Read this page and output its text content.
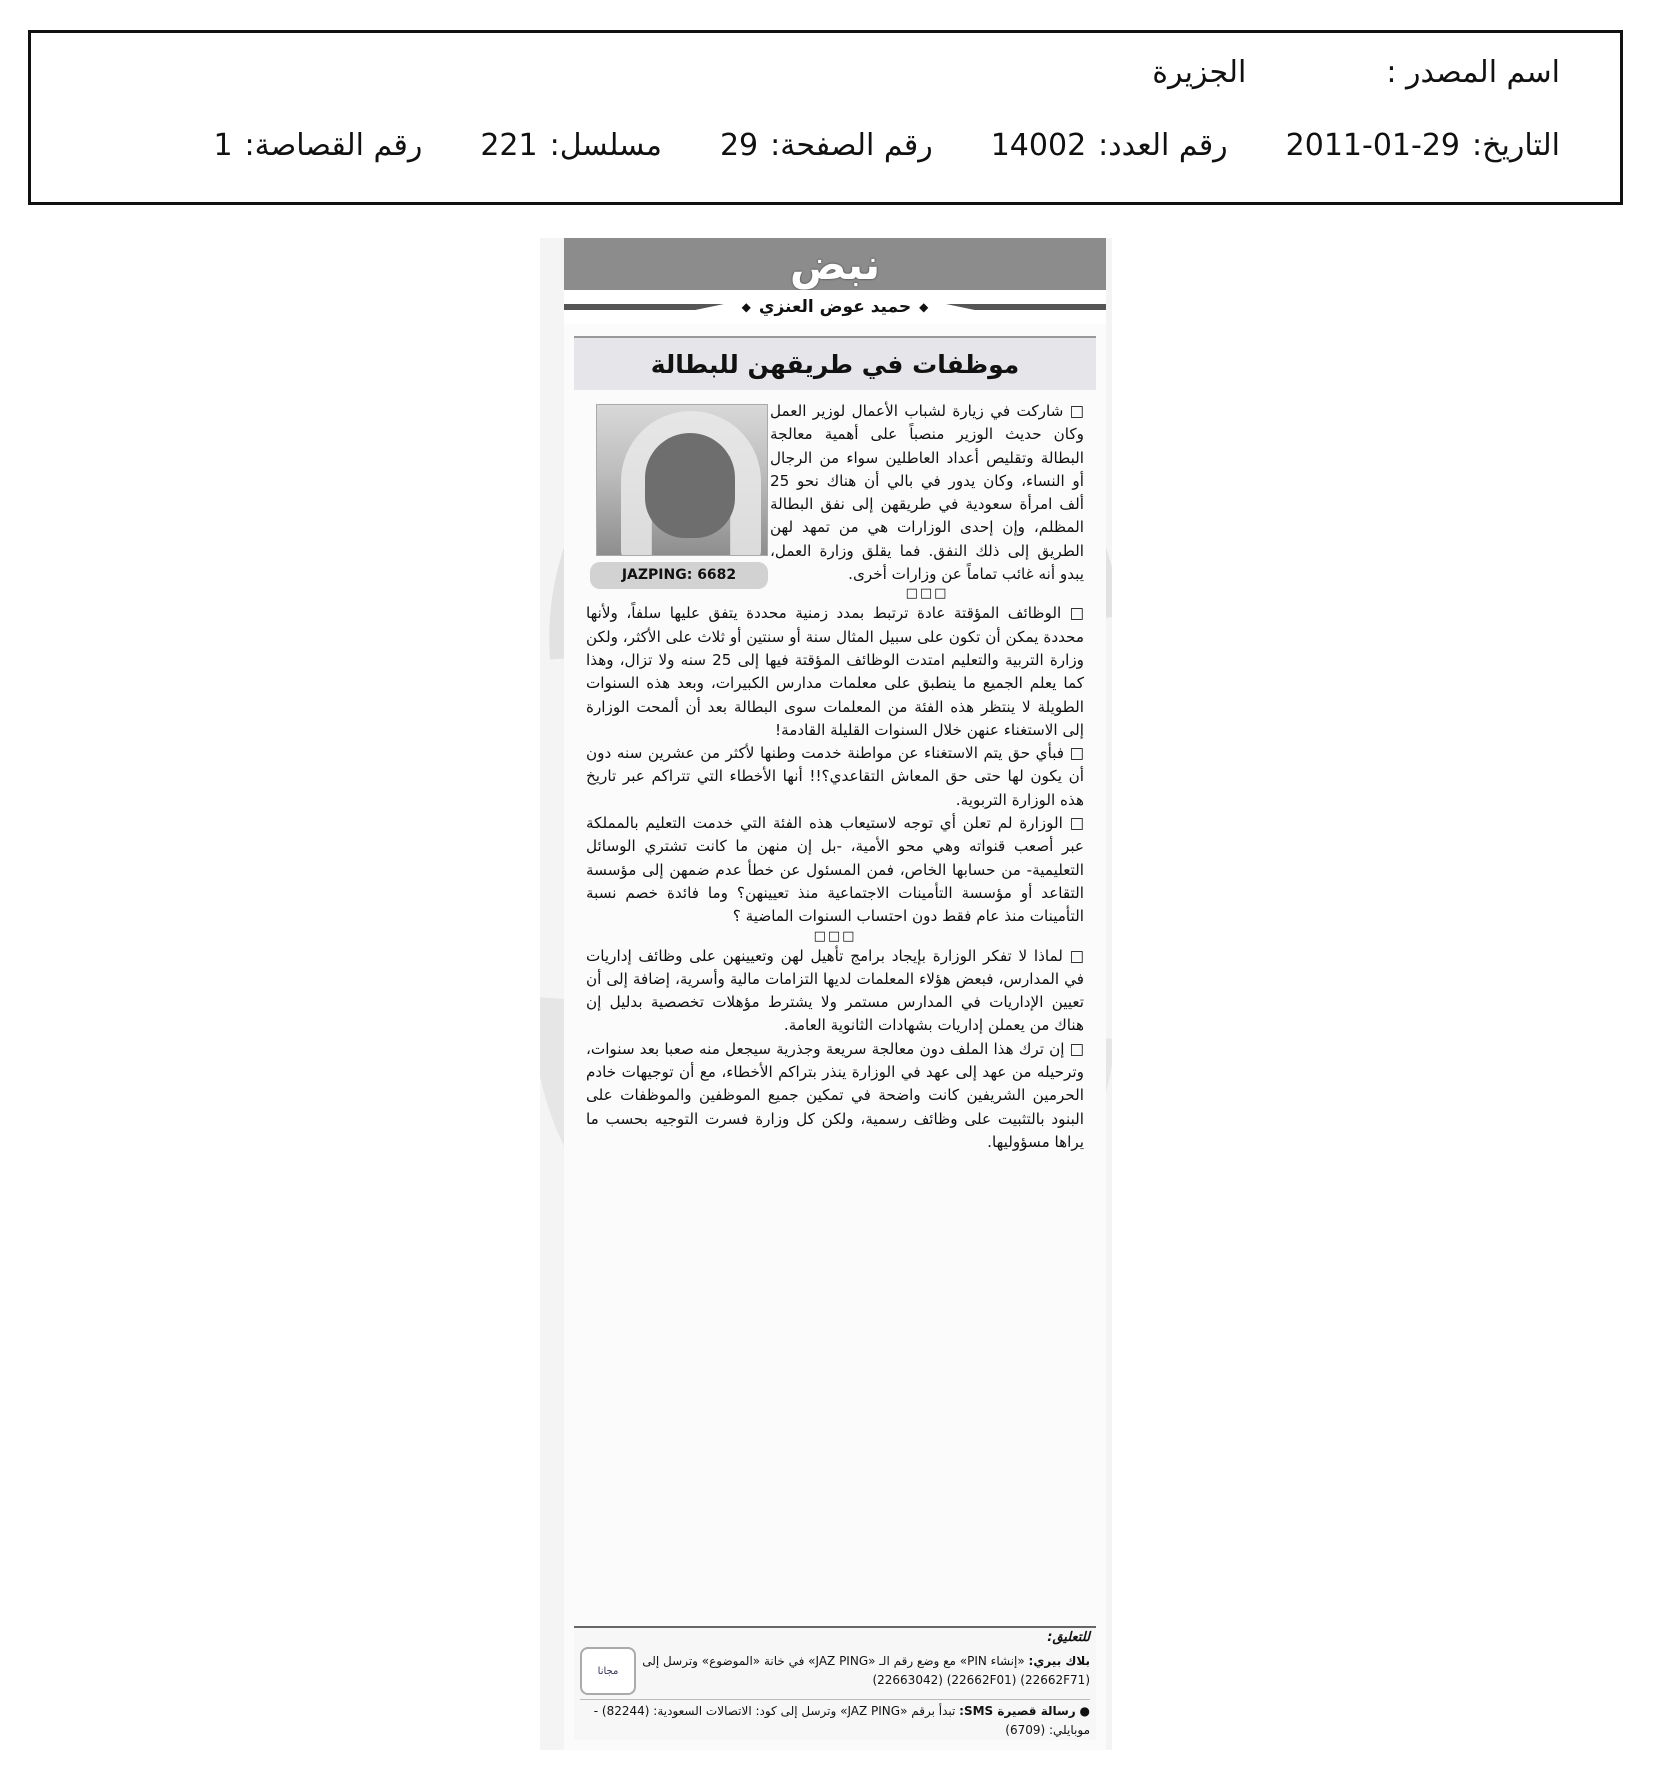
اسم المصدر :
الجزيرة
التاريخ:
2011-01-29
رقم العدد:
14002
رقم الصفحة:
29
مسلسل:
221
رقم القصاصة:
1
نبض
◆
حميد عوض العنزي
◆
موظفات في طريقهن للبطالة
JAZPING: 6682

□ شاركت في زيارة لشباب الأعمال لوزير العمل وكان حديث الوزير منصباً على أهمية معالجة البطالة وتقليص أعداد العاطلين سواء من الرجال أو النساء، وكان يدور في بالي أن هناك نحو 25 ألف امرأة سعودية في طريقهن إلى نفق البطالة المظلم، وإن إحدى الوزارات هي من تمهد لهن الطريق إلى ذلك النفق. فما يقلق وزارة العمل، يبدو أنه غائب تماماً عن وزارات أخرى.

□□□

□ الوظائف المؤقتة عادة ترتبط بمدد زمنية محددة يتفق عليها سلفاً، ولأنها محددة يمكن أن تكون على سبيل المثال سنة أو سنتين أو ثلاث على الأكثر، ولكن وزارة التربية والتعليم امتدت الوظائف المؤقتة فيها إلى 25 سنه ولا تزال، وهذا كما يعلم الجميع ما ينطبق على معلمات مدارس الكبيرات، وبعد هذه السنوات الطويلة لا ينتظر هذه الفئة من المعلمات سوى البطالة بعد أن ألمحت الوزارة إلى الاستغناء عنهن خلال السنوات القليلة القادمة!

□ فبأي حق يتم الاستغناء عن مواطنة خدمت وطنها لأكثر من عشرين سنه دون أن يكون لها حتى حق المعاش التقاعدي؟!! أنها الأخطاء التي تتراكم عبر تاريخ هذه الوزارة التربوية.

□ الوزارة لم تعلن أي توجه لاستيعاب هذه الفئة التي خدمت التعليم بالمملكة عبر أصعب قنواته وهي محو الأمية، -بل إن منهن ما كانت تشتري الوسائل التعليمية- من حسابها الخاص، فمن المسئول عن خطأ عدم ضمهن إلى مؤسسة التقاعد أو مؤسسة التأمينات الاجتماعية منذ تعيينهن؟ وما فائدة خصم نسبة التأمينات منذ عام فقط دون احتساب السنوات الماضية ؟

□□□

□ لماذا لا تفكر الوزارة بإيجاد برامج تأهيل لهن وتعيينهن على وظائف إداريات في المدارس، فبعض هؤلاء المعلمات لديها التزامات مالية وأسرية، إضافة إلى أن تعيين الإداريات في المدارس مستمر ولا يشترط مؤهلات تخصصية بدليل إن هناك من يعملن إداريات بشهادات الثانوية العامة.

□ إن ترك هذا الملف دون معالجة سريعة وجذرية سيجعل منه صعبا بعد سنوات، وترحيله من عهد إلى عهد في الوزارة ينذر بتراكم الأخطاء، مع أن توجيهات خادم الحرمين الشريفين كانت واضحة في تمكين جميع الموظفين والموظفات على البنود بالتثبيت على وظائف رسمية، ولكن كل وزارة فسرت التوجيه بحسب ما يراها مسؤوليها.

للتعليق:
بلاك بيري: «إنشاء PIN» مع وضع رقم الـ «JAZ PING» في خانة «الموضوع» وترسل إلى (22662F71) (22662F01) (22663042)
مجانا
● رسالة قصيرة SMS: تبدأ برقم «JAZ PING» وترسل إلى كود: الاتصالات السعودية: (82244) - موبايلي: (6709)
